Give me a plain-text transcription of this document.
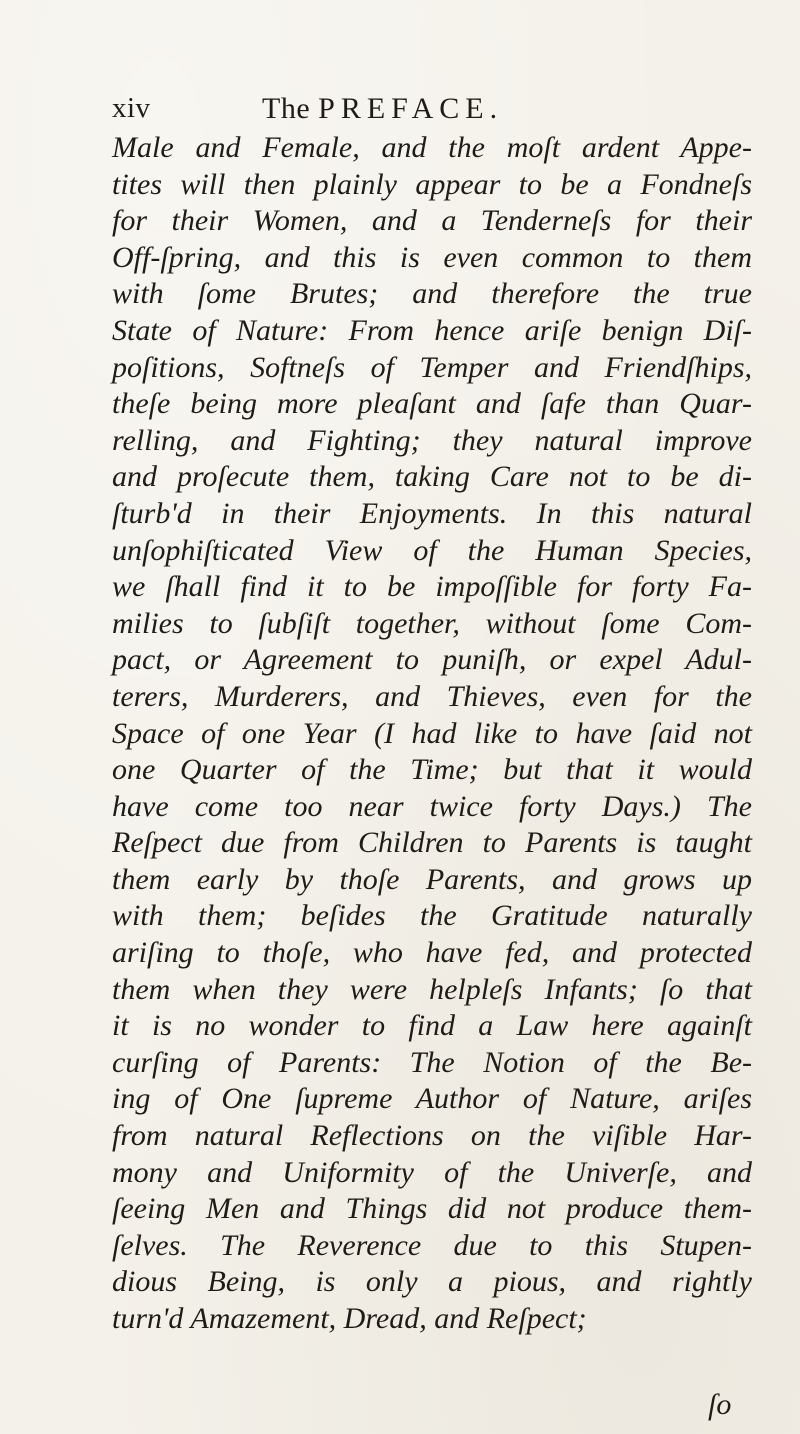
xiv	The PREFACE.
Male and Female, and the moſt ardent Appe-
tites will then plainly appear to be a Fondneſs
for their Women, and a Tenderneſs for their
Off-ſpring, and this is even common to them
with ſome Brutes; and therefore the true
State of Nature: From hence ariſe benign Diſ-
poſitions, Softneſs of Temper and Friendſhips,
theſe being more pleaſant and ſafe than Quar-
relling, and Fighting; they natural improve
and proſecute them, taking Care not to be di-
ſturb'd in their Enjoyments. In this natural
unſophiſticated View of the Human Species,
we ſhall find it to be impoſſible for forty Fa-
milies to ſubſiſt together, without ſome Com-
pact, or Agreement to puniſh, or expel Adul-
terers, Murderers, and Thieves, even for the
Space of one Year (I had like to have ſaid not
one Quarter of the Time; but that it would
have come too near twice forty Days.) The
Reſpect due from Children to Parents is taught
them early by thoſe Parents, and grows up
with them; beſides the Gratitude naturally
ariſing to thoſe, who have fed, and protected
them when they were helpleſs Infants; ſo that
it is no wonder to find a Law here againſt
curſing of Parents: The Notion of the Be-
ing of One ſupreme Author of Nature, ariſes
from natural Reflections on the viſible Har-
mony and Uniformity of the Univerſe, and
ſeeing Men and Things did not produce them-
ſelves. The Reverence due to this Stupen-
dious Being, is only a pious, and rightly
turn'd Amazement, Dread, and Reſpect;
ſo
